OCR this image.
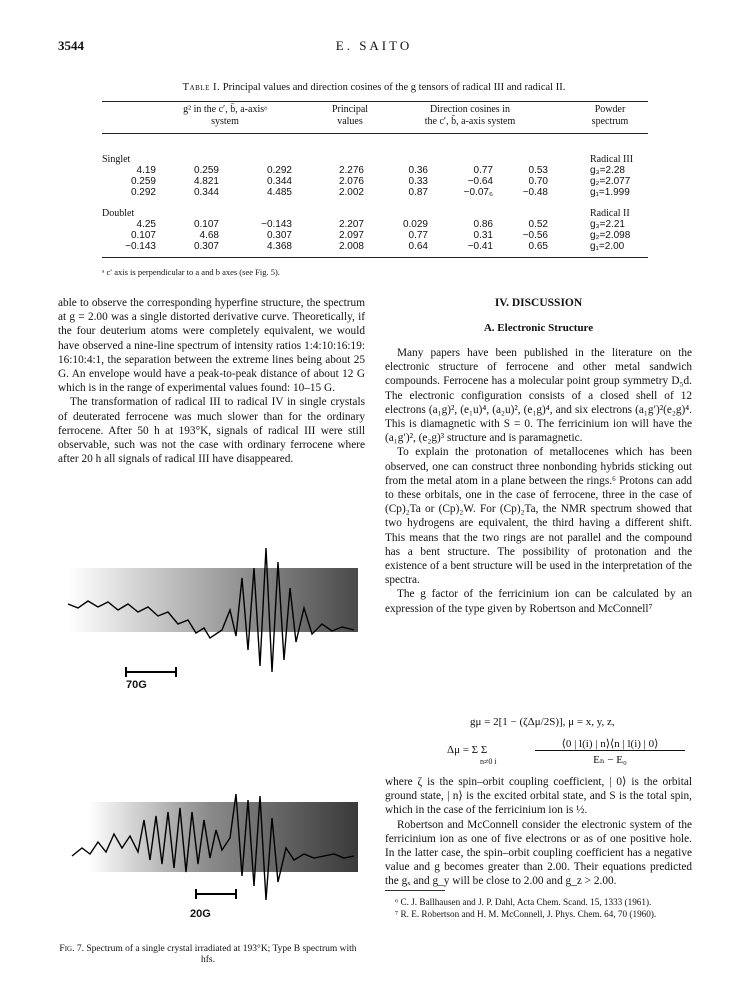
3544	E. SAITO
Table I. Principal values and direction cosines of the g tensors of radical III and radical II.
g² in the c′, b̄, a-axisᵃ
system
Principal
values
Direction cosines in
the c′, b̄, a-axis system
Powder
spectrum
Singlet
4.19
0.259
0.292
0.259
4.821
0.344
0.292
0.344
4.485
2.276
2.076
2.002
0.36
0.33
0.87
0.77
−0.64
−0.07₆
0.53
0.70
−0.48
g₃=2.28
g₂=2.077
g₁=1.999
Radical III
Doublet
4.25
0.107
−0.143
0.107
4.68
0.307
−0.143
0.307
4.368
2.207
2.097
2.008
0.029
0.77
0.64
0.86
0.31
−0.41
0.52
−0.56
0.65
g₃=2.21
g₂=2.098
g₁=2.00
Radical II
ᵃ c′ axis is perpendicular to a and b axes (see Fig. 5).

able to observe the corresponding hyperfine structure, the spectrum at g = 2.00 was a single distorted derivative curve. Theoretically, if the four deuterium atoms were completely equivalent, we would have observed a nine-line spectrum of intensity ratios 1:4:10:16:19: 16:10:4:1, the separation between the extreme lines being about 25 G. An envelope would have a peak-to-peak distance of about 12 G which is in the range of experimental values found: 10–15 G.

The transformation of radical III to radical IV in single crystals of deuterated ferrocene was much slower than for the ordinary ferrocene. After 50 h at 193°K, signals of radical III were still observable, such was not the case with ordinary ferrocene where after 20 h all signals of radical III have disappeared.

70G
20G
Fig. 7. Spectrum of a single crystal irradiated at 193°K; Type B spectrum with hfs.
IV. DISCUSSION
A. Electronic Structure

Many papers have been published in the literature on the electronic structure of ferrocene and other metal sandwich compounds. Ferrocene has a molecular point group symmetry D₅d. The electronic configuration consists of a closed shell of 12 electrons (a₁g)², (e₁u)⁴, (a₂u)², (e₁g)⁴, and six electrons (a₁g′)²(e₂g)⁴. This is diamagnetic with S = 0. The ferricinium ion will have the (a₁g′)², (e₂g)³ structure and is paramagnetic.

To explain the protonation of metallocenes which has been observed, one can construct three nonbonding hybrids sticking out from the metal atom in a plane between the rings.⁶ Protons can add to these orbitals, one in the case of ferrocene, three in the case of (Cp)₂Ta or (Cp)₂W. For (Cp)₂Ta, the NMR spectrum showed that two hydrogens are equivalent, the third having a different shift. This means that the two rings are not parallel and the compound has a bent structure. The possibility of protonation and the existence of a bent structure will be used in the interpretation of the spectra.

The g factor of the ferricinium ion can be calculated by an expression of the type given by Robertson and McConnell⁷

gμ = 2[1 − (ζΔμ/2S)], μ = x, y, z,
Δμ = Σ Σ
n≠0 i
⟨0 | l(i) | n⟩⟨n | l(i) | 0⟩
Eₙ − E₀

where ζ is the spin–orbit coupling coefficient, | 0⟩ is the orbital ground state, | n⟩ is the excited orbital state, and S is the total spin, which in the case of the ferricinium ion is ½.

Robertson and McConnell consider the electronic system of the ferricinium ion as one of five electrons or as of one positive hole. In the latter case, the spin–orbit coupling coefficient has a negative value and g becomes greater than 2.00. Their equations predicted the gₓ and g_y will be close to 2.00 and g_z > 2.00.

⁶ C. J. Ballhausen and J. P. Dahl, Acta Chem. Scand. 15, 1333 (1961).
⁷ R. E. Robertson and H. M. McConnell, J. Phys. Chem. 64, 70 (1960).
